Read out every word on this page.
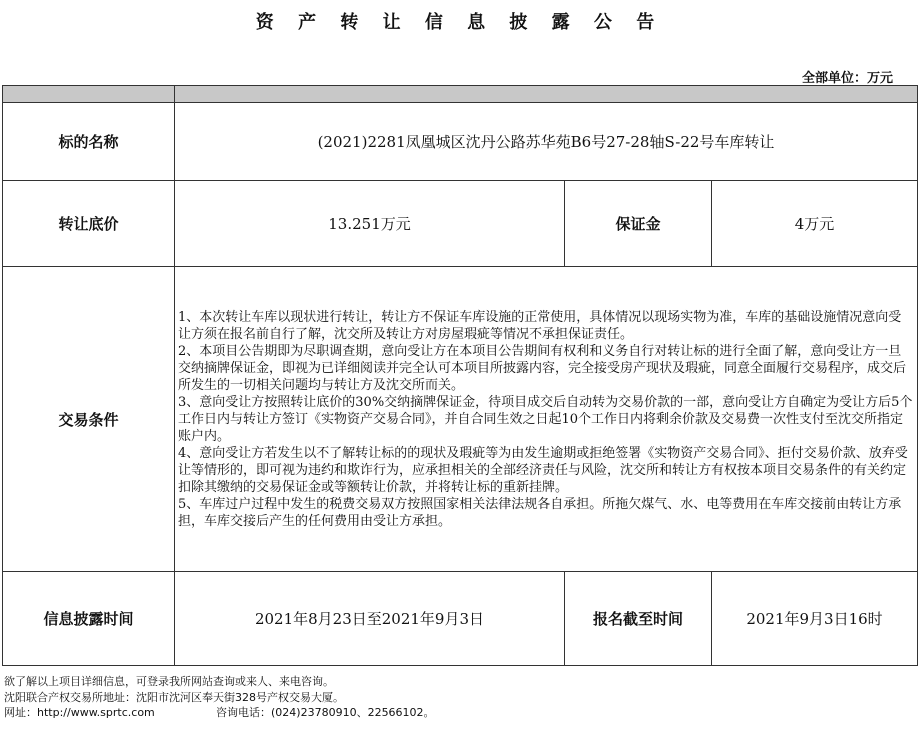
资 产 转 让 信 息 披 露 公 告
全部单位：万元

标的名称	(2021)2281凤凰城区沈丹公路苏华苑B6号27-28轴S-22号车库转让		
转让底价	13.251万元	保证金	4万元
交易条件	1、本次转让车库以现状进行转让，转让方不保证车库设施的正常使用，具体情况以现场实物为准，车库的基础设施情况意向受让方须在报名前自行了解，沈交所及转让方对房屋瑕疵等情况不承担保证责任。

2、本项目公告期即为尽职调查期，意向受让方在本项目公告期间有权利和义务自行对转让标的进行全面了解，意向受让方一旦交纳摘牌保证金，即视为已详细阅读并完全认可本项目所披露内容，完全接受房产现状及瑕疵，同意全面履行交易程序，成交后所发生的一切相关问题均与转让方及沈交所而关。

3、意向受让方按照转让底价的30%交纳摘牌保证金，待项目成交后自动转为交易价款的一部，意向受让方自确定为受让方后5个工作日内与转让方签订《实物资产交易合同》，并自合同生效之日起10个工作日内将剩余价款及交易费一次性支付至沈交所指定账户内。

4、意向受让方若发生以不了解转让标的的现状及瑕疵等为由发生逾期或拒绝签署《实物资产交易合同》、拒付交易价款、放弃受让等情形的，即可视为违约和欺诈行为，应承担相关的全部经济责任与风险，沈交所和转让方有权按本项目交易条件的有关约定扣除其缴纳的交易保证金或等额转让价款，并将转让标的重新挂牌。

5、车库过户过程中发生的税费交易双方按照国家相关法律法规各自承担。所拖欠煤气、水、电等费用在车库交接前由转让方承担，车库交接后产生的任何费用由受让方承担。		

信息披露时间	2021年8月23日至2021年9月3日	报名截至时间	2021年9月3日16时
欲了解以上项目详细信息，可登录我所网站查询或来人、来电咨询。
沈阳联合产权交易所地址：沈阳市沈河区奉天街328号产权交易大厦。
网址：http://www.sprtc.com	咨询电话：(024)23780910、22566102。
